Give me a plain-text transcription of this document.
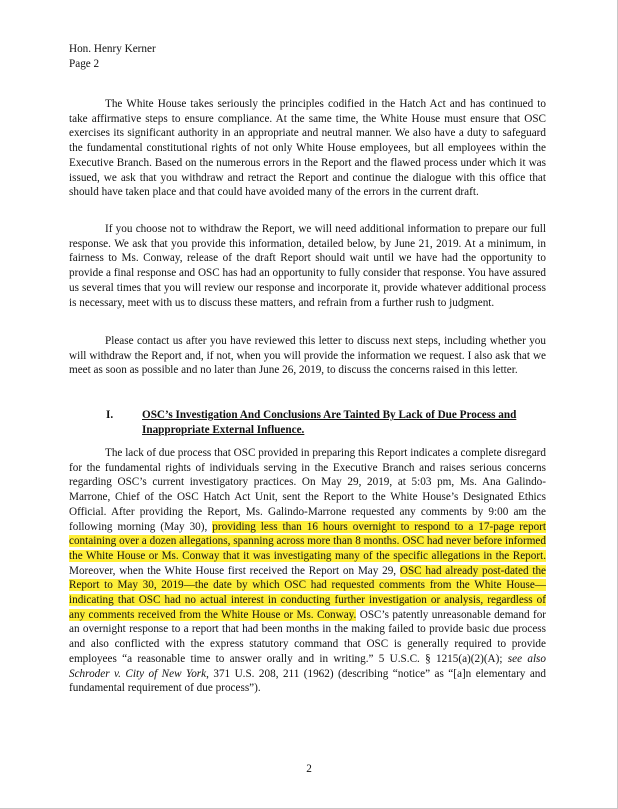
Hon. Henry Kerner
Page 2

The White House takes seriously the principles codified in the Hatch Act and has continued to take affirmative steps to ensure compliance. At the same time, the White House must ensure that OSC exercises its significant authority in an appropriate and neutral manner. We also have a duty to safeguard the fundamental constitutional rights of not only White House employees, but all employees within the Executive Branch. Based on the numerous errors in the Report and the flawed process under which it was issued, we ask that you withdraw and retract the Report and continue the dialogue with this office that should have taken place and that could have avoided many of the errors in the current draft.

If you choose not to withdraw the Report, we will need additional information to prepare our full response. We ask that you provide this information, detailed below, by June 21, 2019. At a minimum, in fairness to Ms. Conway, release of the draft Report should wait until we have had the opportunity to provide a final response and OSC has had an opportunity to fully consider that response. You have assured us several times that you will review our response and incorporate it, provide whatever additional process is necessary, meet with us to discuss these matters, and refrain from a further rush to judgment.

Please contact us after you have reviewed this letter to discuss next steps, including whether you will withdraw the Report and, if not, when you will provide the information we request. I also ask that we meet as soon as possible and no later than June 26, 2019, to discuss the concerns raised in this letter.

I.	OSC’s Investigation And Conclusions Are Tainted By Lack of Due Process and Inappropriate External Influence.

The lack of due process that OSC provided in preparing this Report indicates a complete disregard for the fundamental rights of individuals serving in the Executive Branch and raises serious concerns regarding OSC’s current investigatory practices. On May 29, 2019, at 5:03 pm, Ms. Ana Galindo-Marrone, Chief of the OSC Hatch Act Unit, sent the Report to the White House’s Designated Ethics Official. After providing the Report, Ms. Galindo-Marrone requested any comments by 9:00 am the following morning (May 30), providing less than 16 hours overnight to respond to a 17-page report containing over a dozen allegations, spanning across more than 8 months. OSC had never before informed the White House or Ms. Conway that it was investigating many of the specific allegations in the Report. Moreover, when the White House first received the Report on May 29, OSC had already post-dated the Report to May 30, 2019—the date by which OSC had requested comments from the White House—indicating that OSC had no actual interest in conducting further investigation or analysis, regardless of any comments received from the White House or Ms. Conway. OSC’s patently unreasonable demand for an overnight response to a report that had been months in the making failed to provide basic due process and also conflicted with the express statutory command that OSC is generally required to provide employees “a reasonable time to answer orally and in writing.” 5 U.S.C. § 1215(a)(2)(A); see also Schroder v. City of New York, 371 U.S. 208, 211 (1962) (describing “notice” as “[a]n elementary and fundamental requirement of due process”).

2
